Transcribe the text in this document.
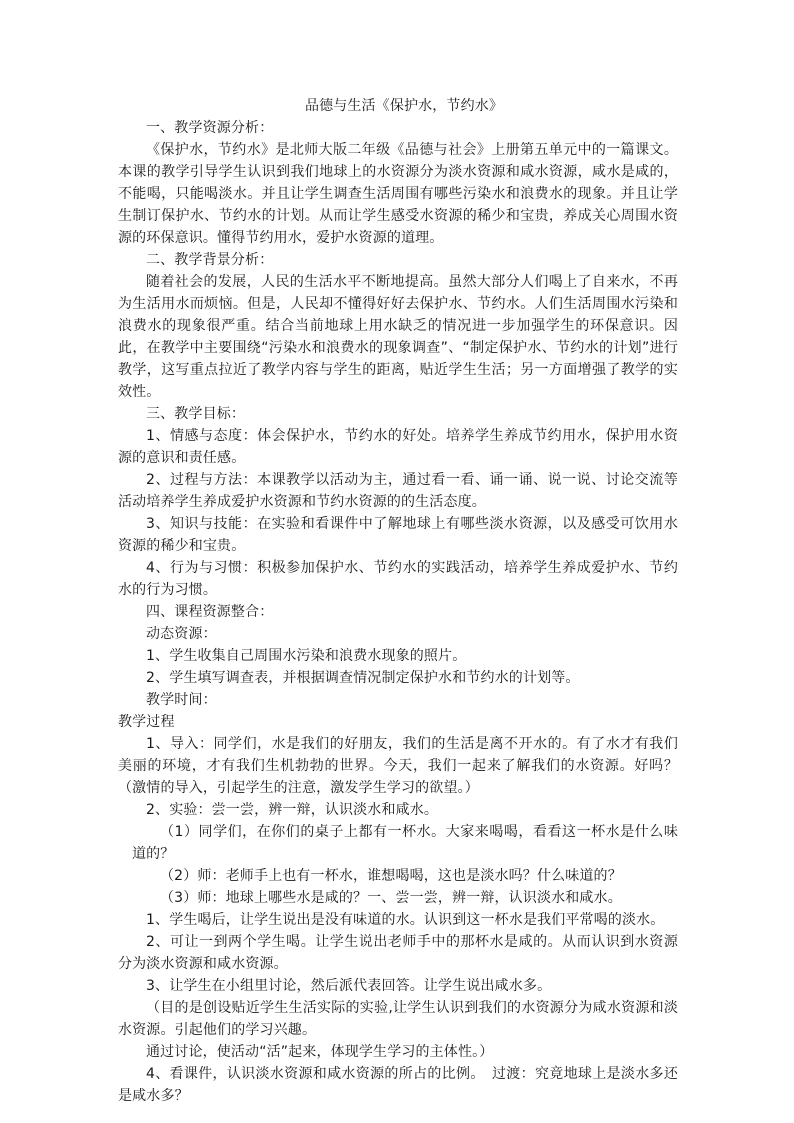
品德与生活《保护水，节约水》

一、教学资源分析：

《保护水，节约水》是北师大版二年级《品德与社会》上册第五单元中的一篇课文。本课的教学引导学生认识到我们地球上的水资源分为淡水资源和咸水资源，咸水是咸的，不能喝，只能喝淡水。并且让学生调查生活周围有哪些污染水和浪费水的现象。并且让学生制订保护水、节约水的计划。从而让学生感受水资源的稀少和宝贵，养成关心周围水资源的环保意识。懂得节约用水，爱护水资源的道理。

二、教学背景分析：

随着社会的发展，人民的生活水平不断地提高。虽然大部分人们喝上了自来水，不再为生活用水而烦恼。但是，人民却不懂得好好去保护水、节约水。人们生活周围水污染和浪费水的现象很严重。结合当前地球上用水缺乏的情况进一步加强学生的环保意识。因此，在教学中主要围绕“污染水和浪费水的现象调查”、“制定保护水、节约水的计划”进行教学，这写重点拉近了教学内容与学生的距离，贴近学生生活；另一方面增强了教学的实效性。

三、教学目标：

1、情感与态度：体会保护水，节约水的好处。培养学生养成节约用水，保护用水资源的意识和责任感。

2、过程与方法：本课教学以活动为主，通过看一看、诵一诵、说一说、讨论交流等活动培养学生养成爱护水资源和节约水资源的的生活态度。

3、知识与技能：在实验和看课件中了解地球上有哪些淡水资源，以及感受可饮用水资源的稀少和宝贵。

4、行为与习惯：积极参加保护水、节约水的实践活动，培养学生养成爱护水、节约水的行为习惯。

四、课程资源整合：

动态资源：

1、学生收集自己周围水污染和浪费水现象的照片。

2、学生填写调查表，并根据调查情况制定保护水和节约水的计划等。

教学时间：

教学过程

1、导入：同学们，水是我们的好朋友，我们的生活是离不开水的。有了水才有我们美丽的环境，才有我们生机勃勃的世界。今天，我们一起来了解我们的水资源。好吗？（激情的导入，引起学生的注意，激发学生学习的欲望。）

2、实验：尝一尝，辨一辩，认识淡水和咸水。

（1）同学们，在你们的桌子上都有一杯水。大家来喝喝，看看这一杯水是什么味道的？

（2）师：老师手上也有一杯水，谁想喝喝，这也是淡水吗？什么味道的？

（3）师：地球上哪些水是咸的？一、尝一尝，辨一辩，认识淡水和咸水。

1、学生喝后，让学生说出是没有味道的水。认识到这一杯水是我们平常喝的淡水。

2、可让一到两个学生喝。让学生说出老师手中的那杯水是咸的。从而认识到水资源分为淡水资源和咸水资源。

3、让学生在小组里讨论，然后派代表回答。让学生说出咸水多。

（目的是创设贴近学生生活实际的实验,让学生认识到我们的水资源分为咸水资源和淡水资源。引起他们的学习兴趣。

通过讨论，使活动“活”起来，体现学生学习的主体性。）

4、看课件，认识淡水资源和咸水资源的所占的比例。　过渡：究竟地球上是淡水多还是咸水多？
